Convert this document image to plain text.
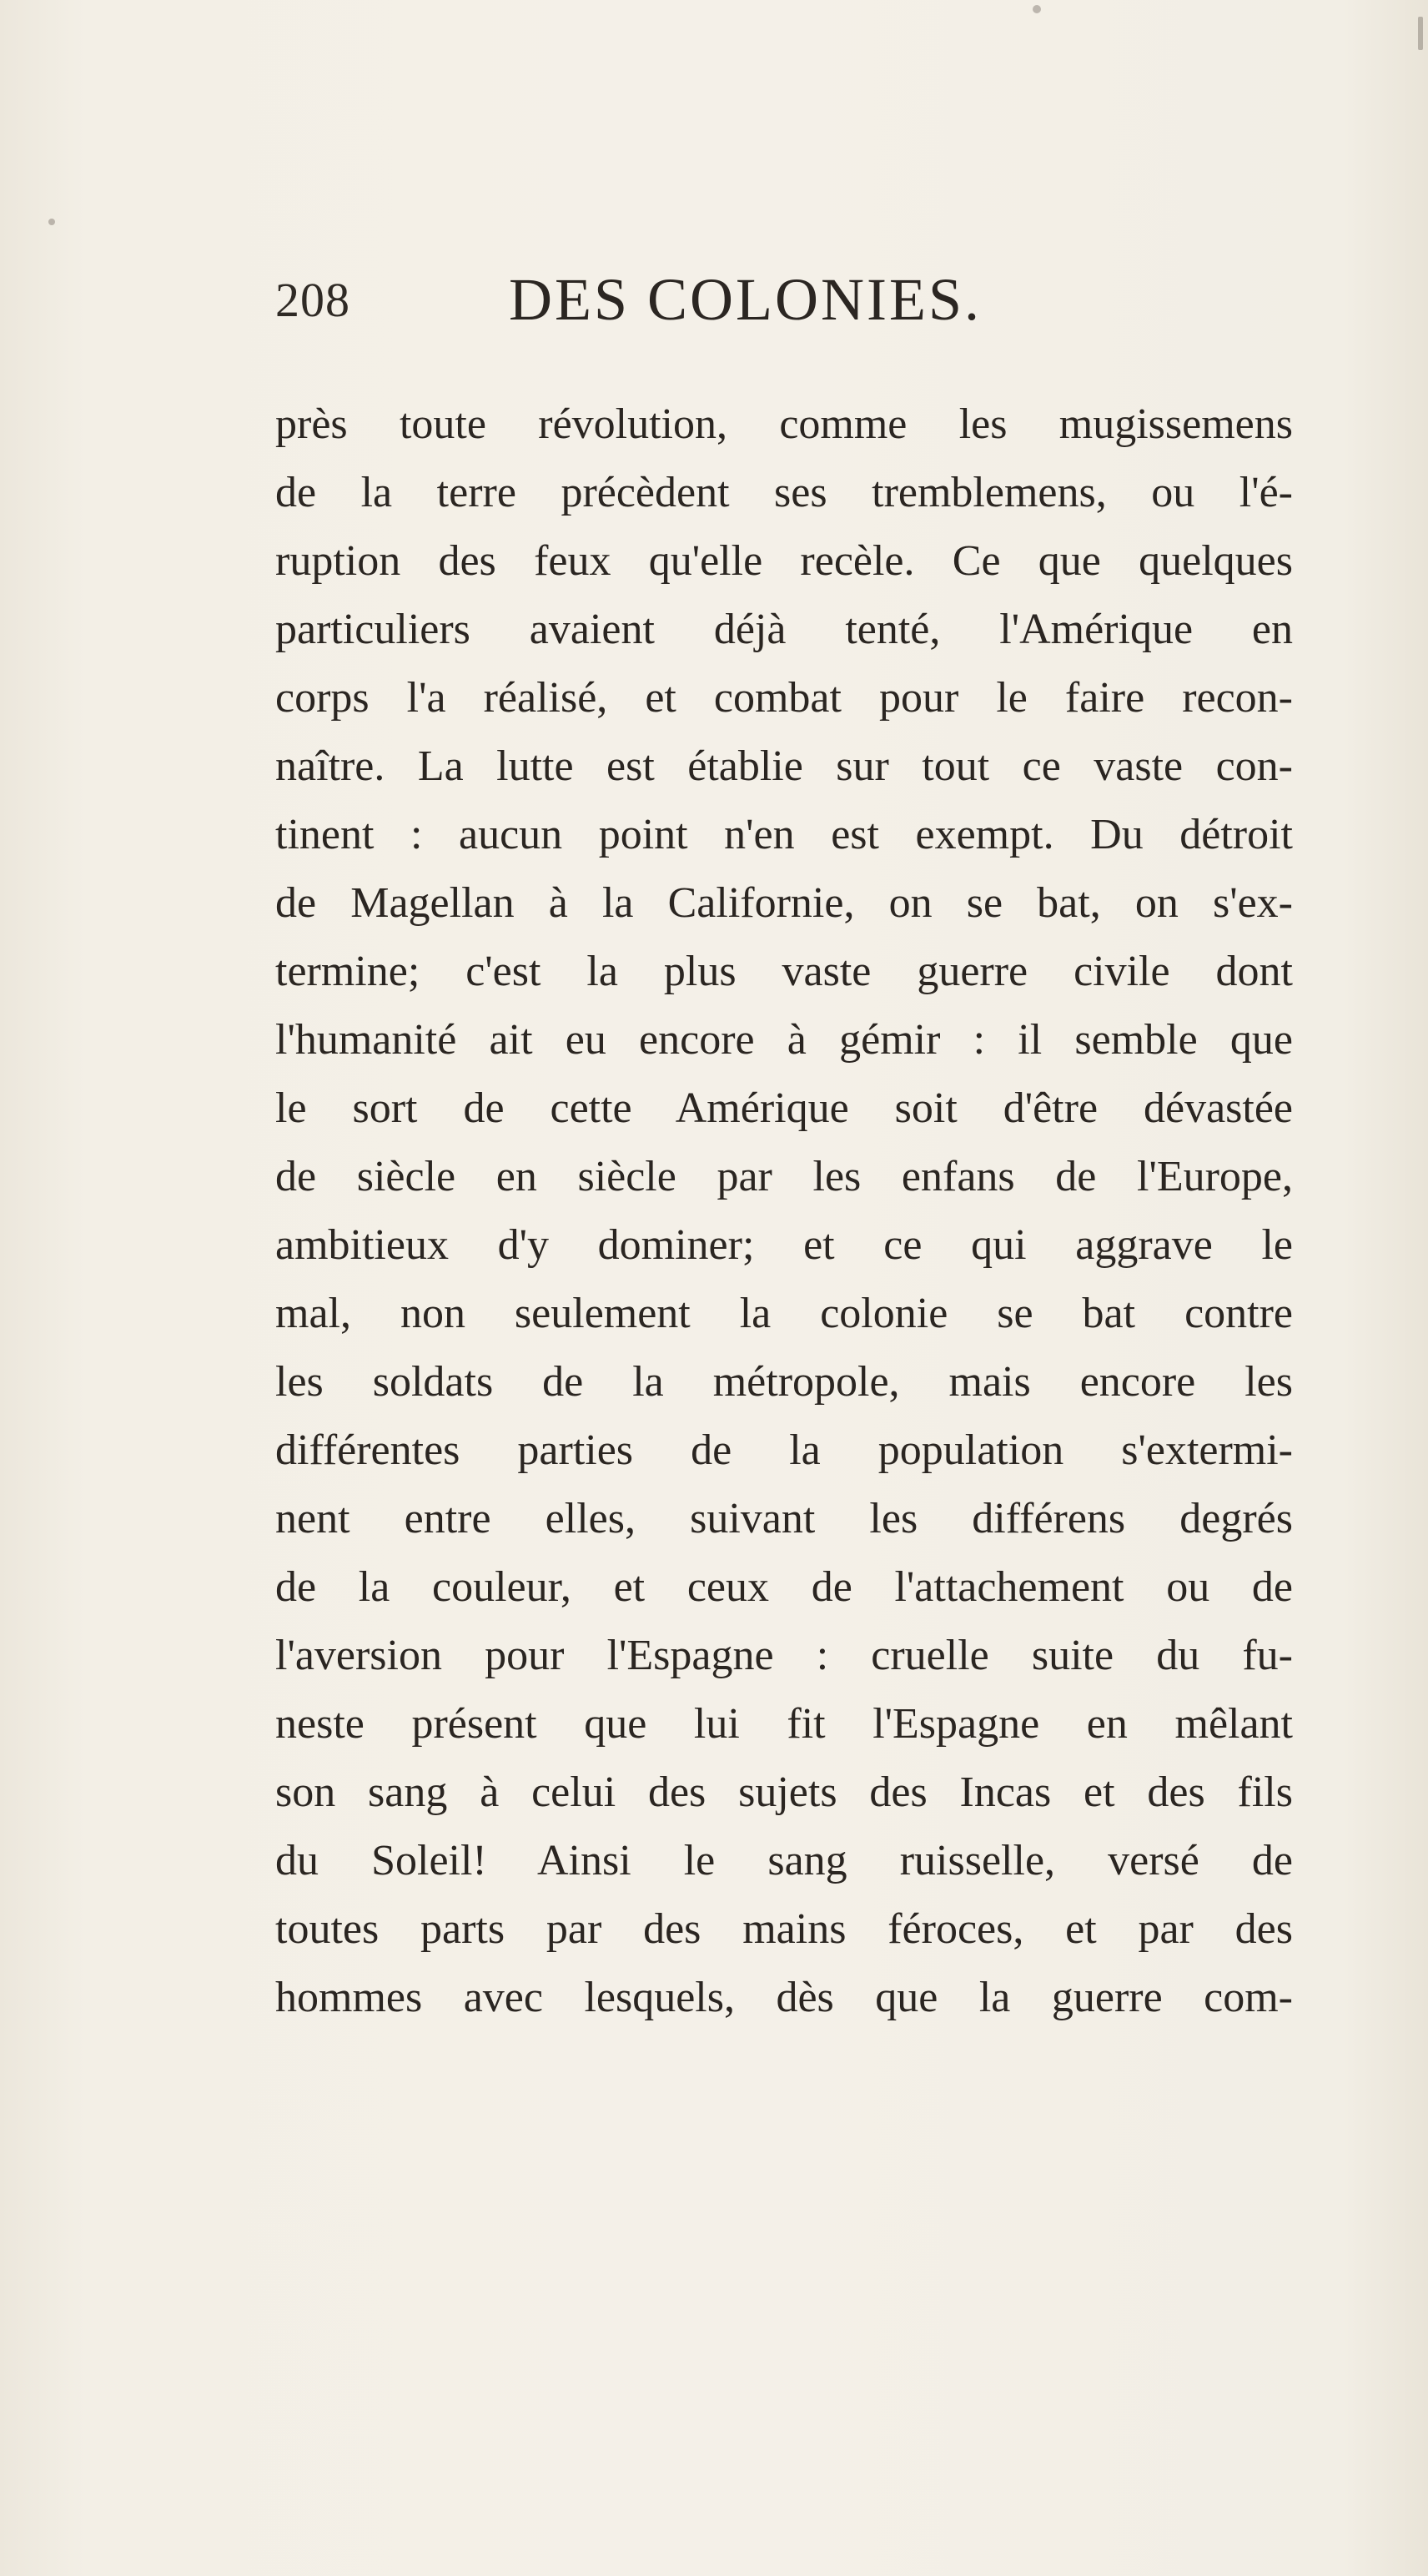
208	DES COLONIES.
près toute révolution, comme les mugissemens
de la terre précèdent ses tremblemens, ou l'é-
ruption des feux qu'elle recèle. Ce que quelques
particuliers avaient déjà tenté, l'Amérique en
corps l'a réalisé, et combat pour le faire recon-
naître. La lutte est établie sur tout ce vaste con-
tinent : aucun point n'en est exempt. Du détroit
de Magellan à la Californie, on se bat, on s'ex-
termine; c'est la plus vaste guerre civile dont
l'humanité ait eu encore à gémir : il semble que
le sort de cette Amérique soit d'être dévastée
de siècle en siècle par les enfans de l'Europe,
ambitieux d'y dominer; et ce qui aggrave le
mal, non seulement la colonie se bat contre
les soldats de la métropole, mais encore les
différentes parties de la population s'extermi-
nent entre elles, suivant les différens degrés
de la couleur, et ceux de l'attachement ou de
l'aversion pour l'Espagne : cruelle suite du fu-
neste présent que lui fit l'Espagne en mêlant
son sang à celui des sujets des Incas et des fils
du Soleil! Ainsi le sang ruisselle, versé de
toutes parts par des mains féroces, et par des
hommes avec lesquels, dès que la guerre com-
